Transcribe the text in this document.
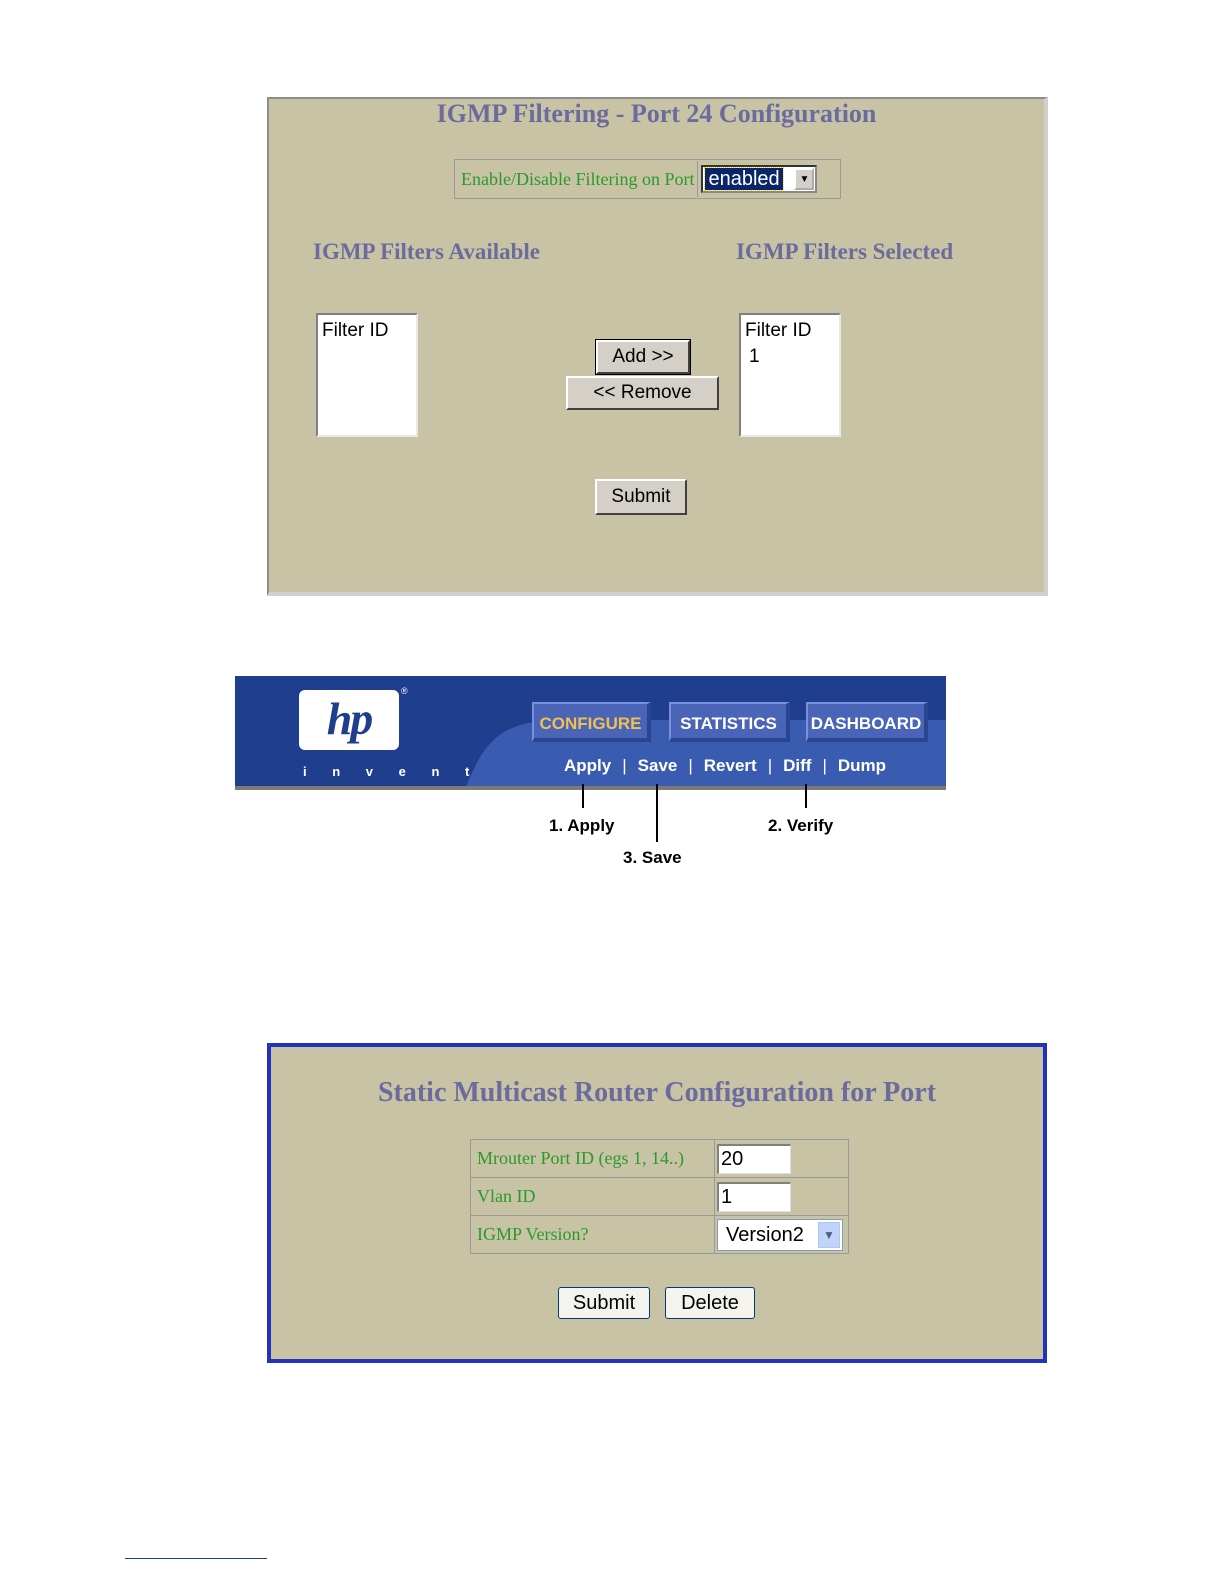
IGMP Filtering - Port 24 Configuration
Enable/Disable Filtering on Port enabled	▼
IGMP Filters Available	IGMP Filters Selected
Filter ID
Add >>
<< Remove
Filter ID
1
Submit
hp
®
i n v e n t
CONFIGURE	STATISTICS	DASHBOARD
Apply | Save | Revert | Diff | Dump
1. Apply	2. Verify
3. Save
Static Multicast Router Configuration for Port
Mrouter Port ID (egs 1, 14..)	20

Vlan ID	1

IGMP Version?	Version2 ▼
Submit	Delete
